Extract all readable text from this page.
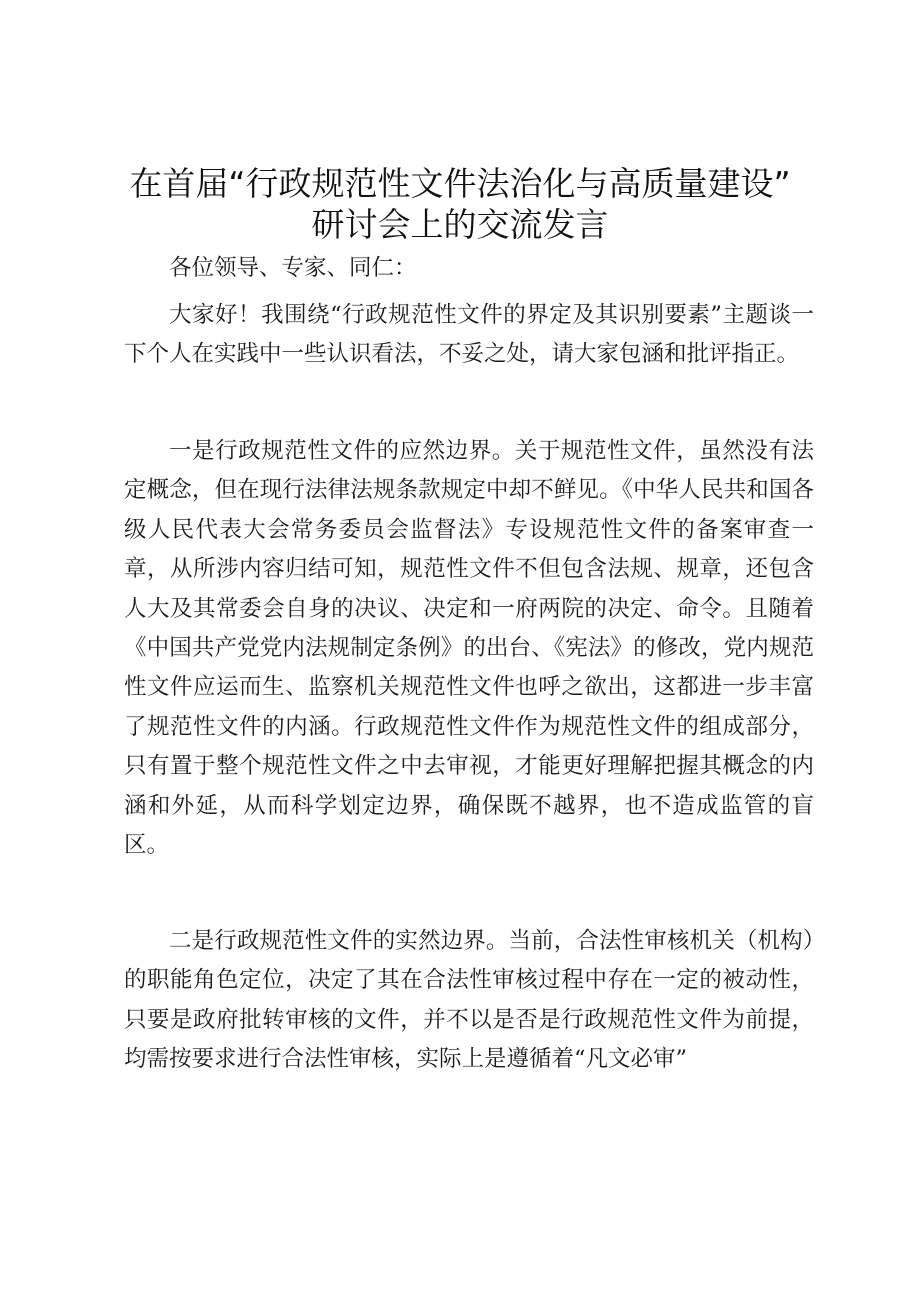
在首届“行政规范性文件法治化与高质量建设”
研讨会上的交流发言
各位领导、专家、同仁：

大家好！我围绕“行政规范性文件的界定及其识别要素”主题谈一下个人在实践中一些认识看法，不妥之处，请大家包涵和批评指正。

一是行政规范性文件的应然边界。关于规范性文件，虽然没有法定概念，但在现行法律法规条款规定中却不鲜见。《中华人民共和国各级人民代表大会常务委员会监督法》专设规范性文件的备案审查一章，从所涉内容归结可知，规范性文件不但包含法规、规章，还包含人大及其常委会自身的决议、决定和一府两院的决定、命令。且随着《中国共产党党内法规制定条例》的出台、《宪法》的修改，党内规范性文件应运而生、监察机关规范性文件也呼之欲出，这都进一步丰富了规范性文件的内涵。行政规范性文件作为规范性文件的组成部分，只有置于整个规范性文件之中去审视，才能更好理解把握其概念的内涵和外延，从而科学划定边界，确保既不越界，也不造成监管的盲区。

二是行政规范性文件的实然边界。当前，合法性审核机关（机构）的职能角色定位，决定了其在合法性审核过程中存在一定的被动性，只要是政府批转审核的文件，并不以是否是行政规范性文件为前提，均需按要求进行合法性审核，实际上是遵循着“凡文必审”
